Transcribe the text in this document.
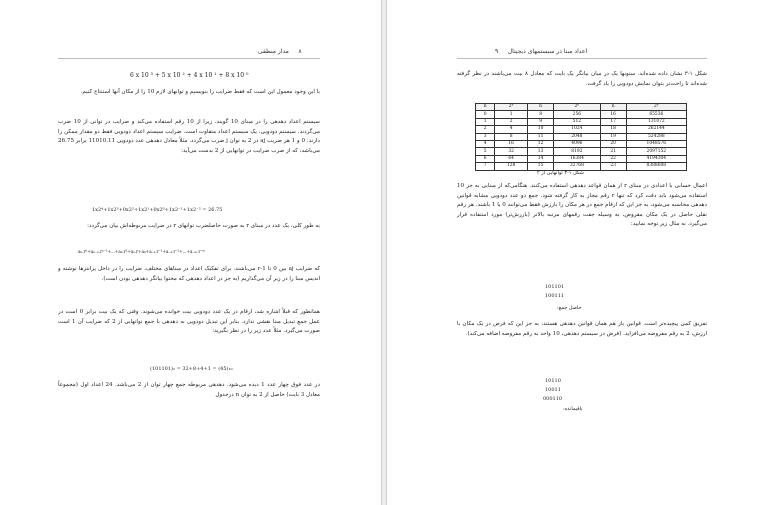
٨     مدار منطقی
6 x 10 ³ + 5 x 10 ² + 4 x 10 ¹ + 8 x 10 ⁰
با این وجود معمول این است که فقط ضرایب را بنویسیم و توانهای لازم 10 را از مکان آنها استنتاج کنیم.
سیستم اعداد دهدهی را در مبنای 10 گویند. زیرا از 10 رقم استفاده می‌کند و ضرایب در توانی از 10 ضرب می‌گردند. سیستم دودویی، یک سیستم اعداد متفاوت است. ضرایب سیستم اعداد دودویی فقط دو مقدار ممکن را دارند: 0 و 1 هر ضریب aj در 2 به توان j ضرب می‌گردد. مثلاً معادل دهدهی عدد دودویی 11010.11 برابر 26.75 می‌باشد، که از ضرب ضرایب در توانهایی از 2 بدست می‌آید:
1x2⁴+1x2³+0x2²+1x2¹+0x2⁰+1x2⁻¹+1x2⁻² = 26.75
به طور کلی، یک عدد در مبنای r به صورت حاصلضرب توانهای r در ضرایب مربوطه‌اش بیان می‌گردد:
aₙ.rⁿ+aₙ₋₁.rⁿ⁻¹+...+a₂.r²+a₁.r+a₀+a₋₁.r⁻¹+a₋₂.r⁻²+...+a₋ₘ.r⁻ᵐ
که ضرایب aj بین 0 تا r-1 می‌باشند. برای تفکیک اعداد در مبناهای مختلف، ضرایب را در داخل پرانتزها نوشته و اندیس مبنا را در زیر آن می‌گذاریم (به جز در اعداد دهدهی که محتوا بیانگر دهدهی بودن است).
همانطور که قبلاً اشاره شد، ارقام در یک عدد دودویی بیت خوانده می‌شوند. وقتی که یک بیت برابر 0 است در عمل جمع تبدیل مبنا نقشی ندارد. بنابر این تبدیل دودویی به دهدهی با جمع توانهایی از 2 که ضرایب آن 1 است صورت می‌گیرد. مثلاً عدد زیر را در نظر بگیرید:
(101101)₂ = 32+8+4+1 = (45)₁₀
در عدد فوق چهار عدد 1 دیده می‌شود. دهدهی مربوطه جمع چهار توان از 2 می‌باشد. 24 اعداد اول (مجموعاً معادل 3 بایت) حاصل از 2 به توان n درجدول
اعداد مبنا در سیستمهای دیجیتال     ٩
شکل ۱-۳ نشان داده شده‌اند. ستونها یک در میان بیانگر یک بایت که معادل ۸ بیت می‌باشند در نظر گرفته شده‌اند تا راحت‌تر بتوان نمایش دودویی را یاد گرفت.
n	2ⁿ	n	2ⁿ	n	2ⁿ
0	1	8	256	16	65536
1	2	9	512	17	131072
2	4	10	1024	18	262144
3	8	11	2048	19	524288
4	16	12	4096	20	1048576
5	32	13	8192	21	2097152
6	64	14	16384	22	4194304
7	128	15	32768	23	8388608
شکل ۱-۳ توانهایی از ۲
اعمال حسابی با اعدادی در مبنای r از همان قواعد دهدهی استفاده می‌کنند. هنگامی‌که از مبنایی به جز 10 استفاده می‌شود باید دقت کرد که تنها r رقم مجاز به کار گرفته شود. جمع دو عدد دودویی مشابه قوانین دهدهی محاسبه می‌شود، به جز این که ارقام جمع در هر مکان را بارزش فقط می‌توانند 0 یا 1 باشند. هر رقم نقلی حاصل در یک مکان مفروض، به وسیله جفت رقمهای مرتبه بالاتر (بارزش‌تر) مورد استفاده قرار می‌گیرد. به مثال زیر توجه نمایید:
101101
100111
حاصل جمع:
تفریق کمی پیچیده‌تر است. قوانین باز هم همان قوانین دهدهی هستند، به جز این که فرض در یک مکان با ارزش، 2 به رقم مفروضه می‌افزاید. (فرض در سیستم دهدهی، 10 واحد به رقم مفروضه اضافه می‌کند).
10110
10011
000110
باقیمانده:
